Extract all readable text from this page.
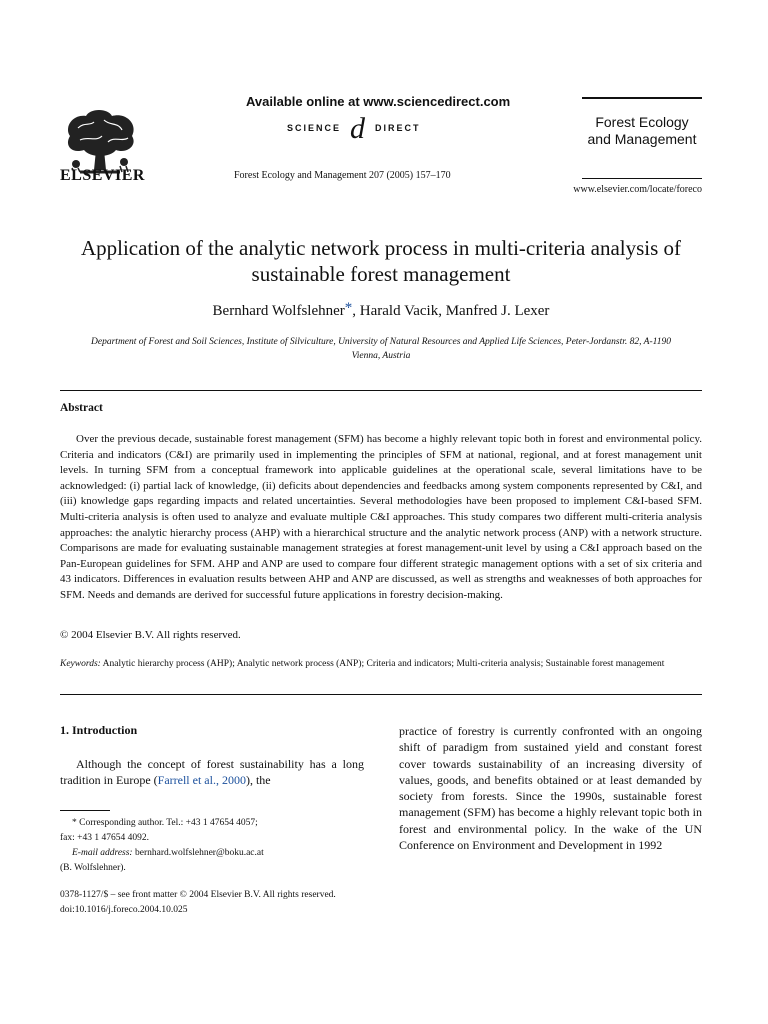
ELSEVIER
Available online at www.sciencedirect.com
SCIENCE d DIRECT
Forest Ecology and Management 207 (2005) 157–170
Forest Ecology and Management
www.elsevier.com/locate/foreco
Application of the analytic network process in multi-criteria analysis of sustainable forest management
Bernhard Wolfslehner*, Harald Vacik, Manfred J. Lexer
Department of Forest and Soil Sciences, Institute of Silviculture, University of Natural Resources and Applied Life Sciences, Peter-Jordanstr. 82, A-1190 Vienna, Austria
Abstract

Over the previous decade, sustainable forest management (SFM) has become a highly relevant topic both in forest and environmental policy. Criteria and indicators (C&I) are primarily used in implementing the principles of SFM at national, regional, and at forest management unit levels. In turning SFM from a conceptual framework into applicable guidelines at the operational scale, several limitations have to be acknowledged: (i) partial lack of knowledge, (ii) deficits about dependencies and feedbacks among system components represented by C&I, and (iii) knowledge gaps regarding impacts and related uncertainties. Several methodologies have been proposed to implement C&I-based SFM. Multi-criteria analysis is often used to analyze and evaluate multiple C&I approaches. This study compares two different multi-criteria analysis approaches: the analytic hierarchy process (AHP) with a hierarchical structure and the analytic network process (ANP) with a network structure. Comparisons are made for evaluating sustainable management strategies at forest management-unit level by using a C&I approach based on the Pan-European guidelines for SFM. AHP and ANP are used to compare four different strategic management options with a set of six criteria and 43 indicators. Differences in evaluation results between AHP and ANP are discussed, as well as strengths and weaknesses of both approaches for SFM. Needs and demands are derived for successful future applications in forestry decision-making.

© 2004 Elsevier B.V. All rights reserved.
Keywords: Analytic hierarchy process (AHP); Analytic network process (ANP); Criteria and indicators; Multi-criteria analysis; Sustainable forest management
1. Introduction

Although the concept of forest sustainability has a long tradition in Europe (Farrell et al., 2000), the

* Corresponding author. Tel.: +43 1 47654 4057;
fax: +43 1 47654 4092.
E-mail address: bernhard.wolfslehner@boku.ac.at
(B. Wolfslehner).
0378-1127/$ – see front matter © 2004 Elsevier B.V. All rights reserved.
doi:10.1016/j.foreco.2004.10.025

practice of forestry is currently confronted with an ongoing shift of paradigm from sustained yield and constant forest cover towards sustainability of an increasing diversity of values, goods, and benefits obtained or at least demanded by society from forests. Since the 1990s, sustainable forest management (SFM) has become a highly relevant topic both in forest and environmental policy. In the wake of the UN Conference on Environment and Development in 1992
